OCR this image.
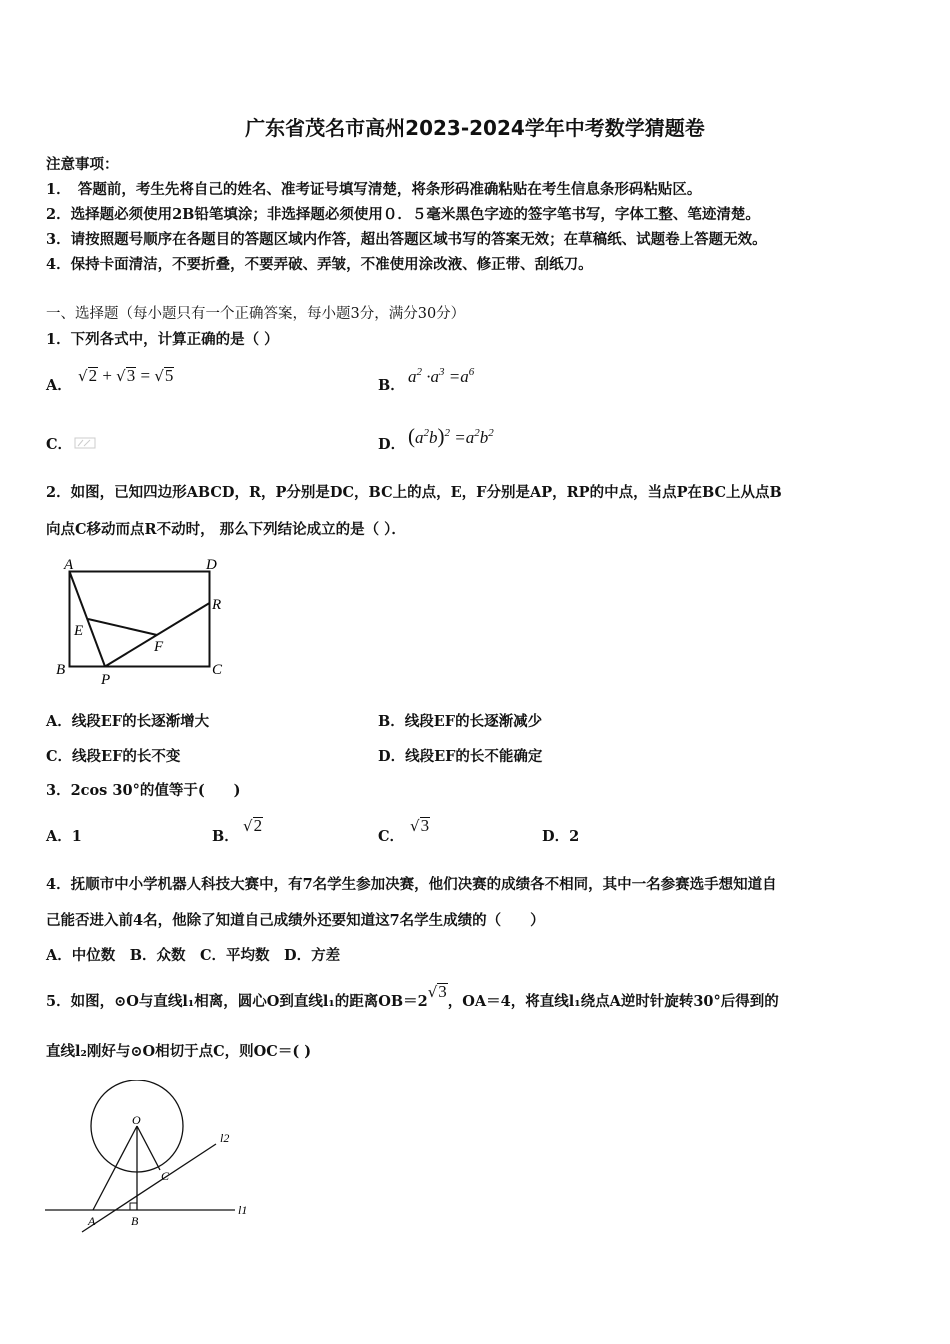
广东省茂名市高州2023-2024学年中考数学猜题卷
注意事项：
1．　答题前，考生先将自己的姓名、准考证号填写清楚，将条形码准确粘贴在考生信息条形码粘贴区。
2．选择题必须使用2B铅笔填涂；非选择题必须使用０．５毫米黑色字迹的签字笔书写，字体工整、笔迹清楚。
3．请按照题号顺序在各题目的答题区域内作答，超出答题区域书写的答案无效；在草稿纸、试题卷上答题无效。
4．保持卡面清洁，不要折叠，不要弄破、弄皱，不准使用涂改液、修正带、刮纸刀。
一、选择题（每小题只有一个正确答案，每小题3分，满分30分）
1．下列各式中，计算正确的是（ ）
A．
√2 + √3 = √5
B． $a^2 \cdot a^3 =a^6$
C．	D． $(a^2b)^2 =a^2b^2$
2．如图，已知四边形ABCD，R，P分别是DC，BC上的点，E，F分别是AP，RP的中点，当点P在BC上从点B
向点C移动而点R不动时， 那么下列结论成立的是（ ）．
A	D
R
E
F
B
P
C
A．线段EF的长逐渐增大	B．线段EF的长逐渐减少
C．线段EF的长不变	D．线段EF的长不能确定
3．2cos 30°的值等于(　　)
A．1	B．
√2
C．
√3
D．2
4．抚顺市中小学机器人科技大赛中，有7名学生参加决赛，他们决赛的成绩各不相同，其中一名参赛选手想知道自
己能否进入前4名，他除了知道自己成绩外还要知道这7名学生成绩的（　　）
A．中位数　B．众数　C．平均数　D．方差
5．如图，⊙O与直线l₁相离，圆心O到直线l₁的距离OB＝2√3，OA＝4，将直线l₁绕点A逆时针旋转30°后得到的
直线l₂刚好与⊙O相切于点C，则OC＝( )
O
l2
C
A	B
l1
